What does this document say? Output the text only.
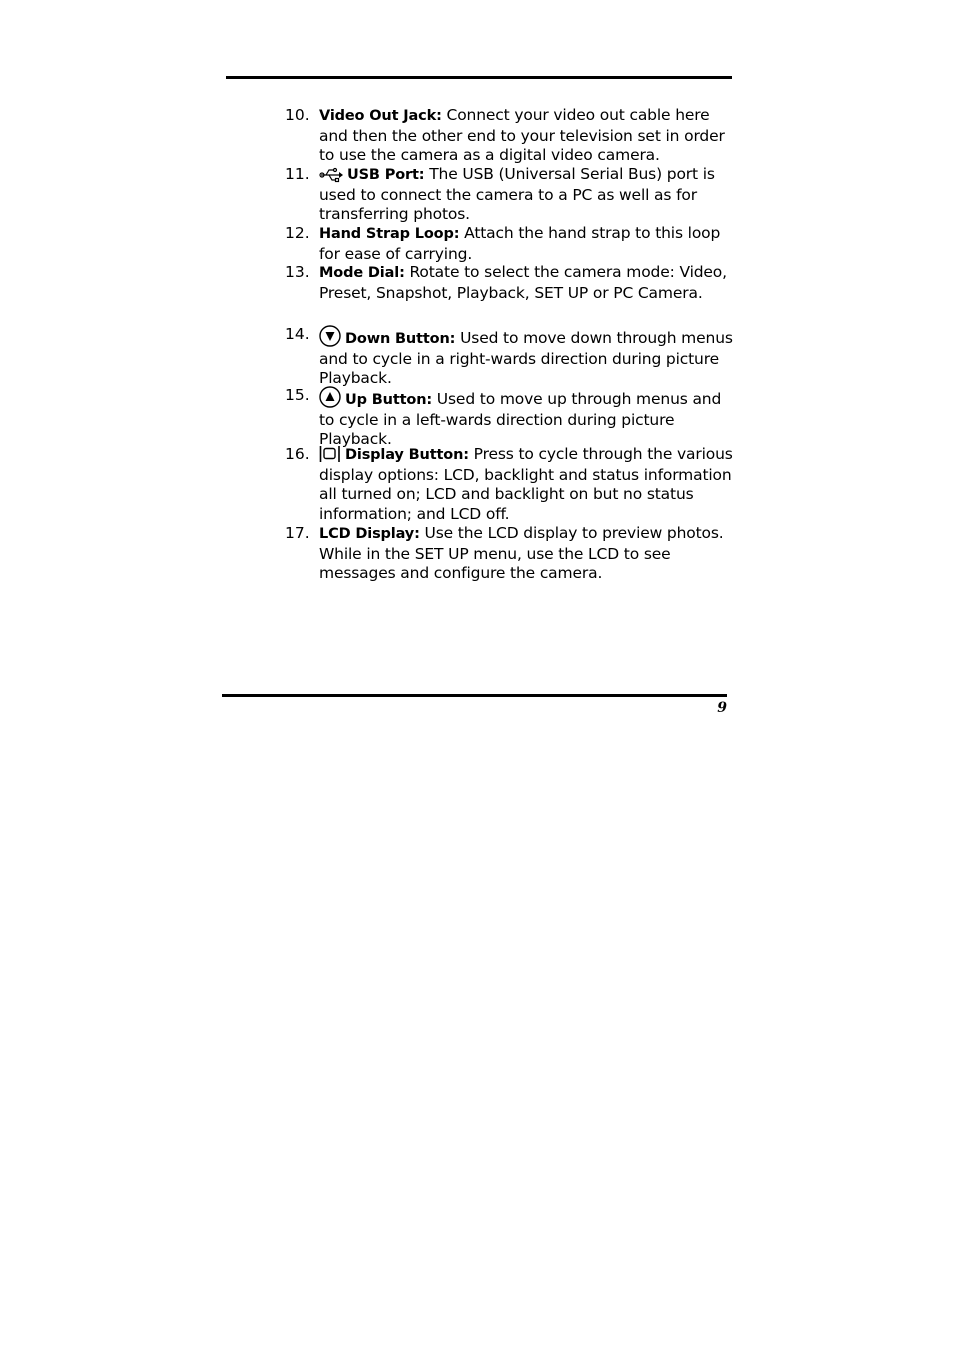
10. Video Out Jack: Connect your video out cable here and then the other end to your television set in order to use the camera as a digital video camera.
11.	USB Port: The USB (Universal Serial Bus) port is used to connect the camera to a PC as well as for transferring photos.
12. Hand Strap Loop: Attach the hand strap to this loop for ease of carrying.
13. Mode Dial: Rotate to select the camera mode: Video, Preset, Snapshot, Playback, SET UP or PC Camera.
14.	Down Button: Used to move down through menus and to cycle in a right-wards direction during picture Playback.
15.	Up Button: Used to move up through menus and to cycle in a left-wards direction during picture Playback.
16.	Display Button: Press to cycle through the various display options: LCD, backlight and status information all turned on; LCD and backlight on but no status information; and LCD off.
17. LCD Display: Use the LCD display to preview photos. While in the SET UP menu, use the LCD to see messages and configure the camera.
9
